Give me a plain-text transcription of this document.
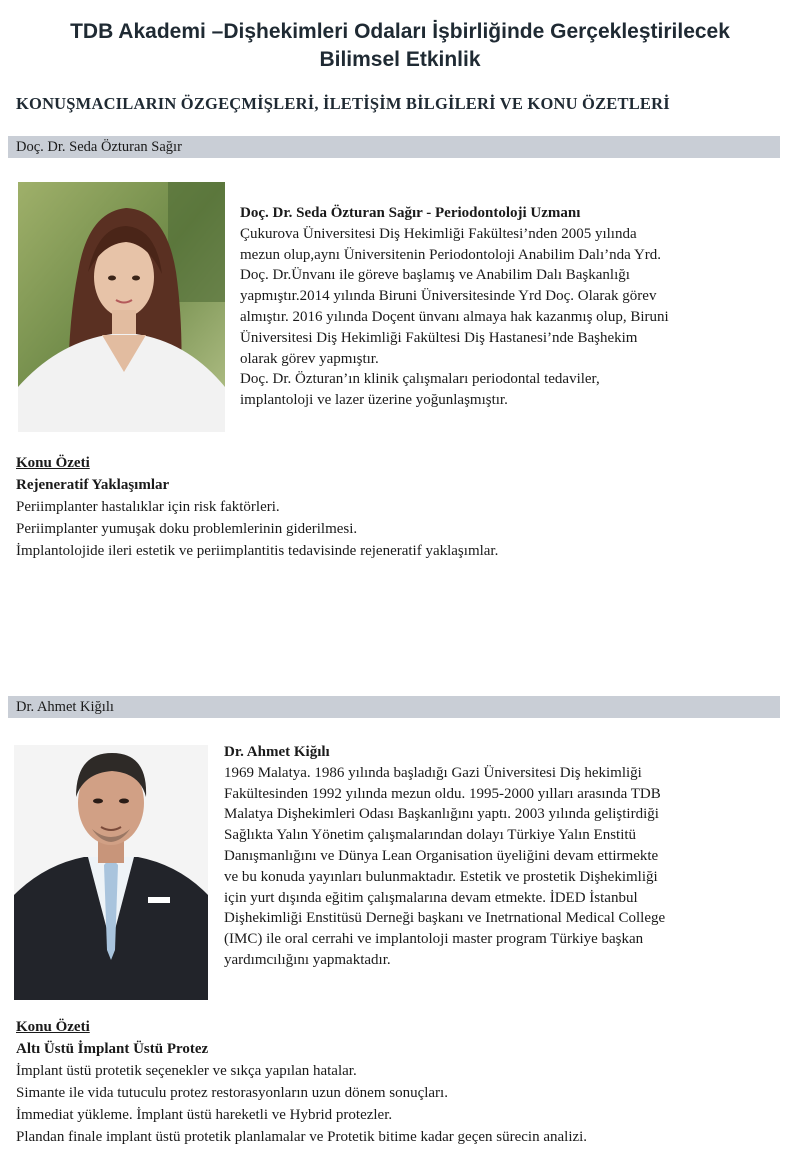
TDB Akademi –Dişhekimleri Odaları İşbirliğinde Gerçekleştirilecek
Bilimsel Etkinlik
KONUŞMACILARIN ÖZGEÇMİŞLERİ, İLETİŞİM BİLGİLERİ VE KONU ÖZETLERİ
Doç. Dr. Seda Özturan Sağır
Doç. Dr. Seda Özturan Sağır - Periodontoloji Uzmanı
Çukurova Üniversitesi Diş Hekimliği Fakültesi’nden 2005 yılında
mezun olup,aynı Üniversitenin Periodontoloji Anabilim Dalı’nda Yrd.
Doç. Dr.Ünvanı ile göreve başlamış ve Anabilim Dalı Başkanlığı
yapmıştır.2014 yılında Biruni Üniversitesinde Yrd Doç. Olarak görev
almıştır. 2016 yılında Doçent ünvanı almaya hak kazanmış olup, Biruni
Üniversitesi Diş Hekimliği Fakültesi Diş Hastanesi’nde Başhekim
olarak görev yapmıştır.
Doç. Dr. Özturan’ın klinik çalışmaları periodontal tedaviler,
implantoloji ve lazer üzerine yoğunlaşmıştır.
Konu Özeti
Rejeneratif Yaklaşımlar
Periimplanter hastalıklar için risk faktörleri.
Periimplanter yumuşak doku problemlerinin giderilmesi.
İmplantolojide ileri estetik ve periimplantitis tedavisinde rejeneratif yaklaşımlar.
Dr. Ahmet Kiğılı
Dr. Ahmet Kiğılı
1969 Malatya. 1986 yılında başladığı Gazi Üniversitesi Diş hekimliği
Fakültesinden 1992 yılında mezun oldu. 1995-2000 yılları arasında TDB
Malatya Dişhekimleri Odası Başkanlığını yaptı. 2003 yılında geliştirdiği
Sağlıkta Yalın Yönetim çalışmalarından dolayı Türkiye Yalın Enstitü
Danışmanlığını ve Dünya Lean Organisation üyeliğini devam ettirmekte
ve bu konuda yayınları bulunmaktadır. Estetik ve prostetik Dişhekimliği
için yurt dışında eğitim çalışmalarına devam etmekte. İDED İstanbul
Dişhekimliği Enstitüsü Derneği başkanı ve Inetrnational Medical College
(IMC) ile oral cerrahi ve implantoloji master program Türkiye başkan
yardımcılığını yapmaktadır.
Konu Özeti
Altı Üstü İmplant Üstü Protez
İmplant üstü protetik seçenekler ve sıkça yapılan hatalar.
Simante ile vida tutuculu protez restorasyonların uzun dönem sonuçları.
İmmediat yükleme. İmplant üstü hareketli ve Hybrid protezler.
Plandan finale implant üstü protetik planlamalar ve Protetik bitime kadar geçen sürecin analizi.
